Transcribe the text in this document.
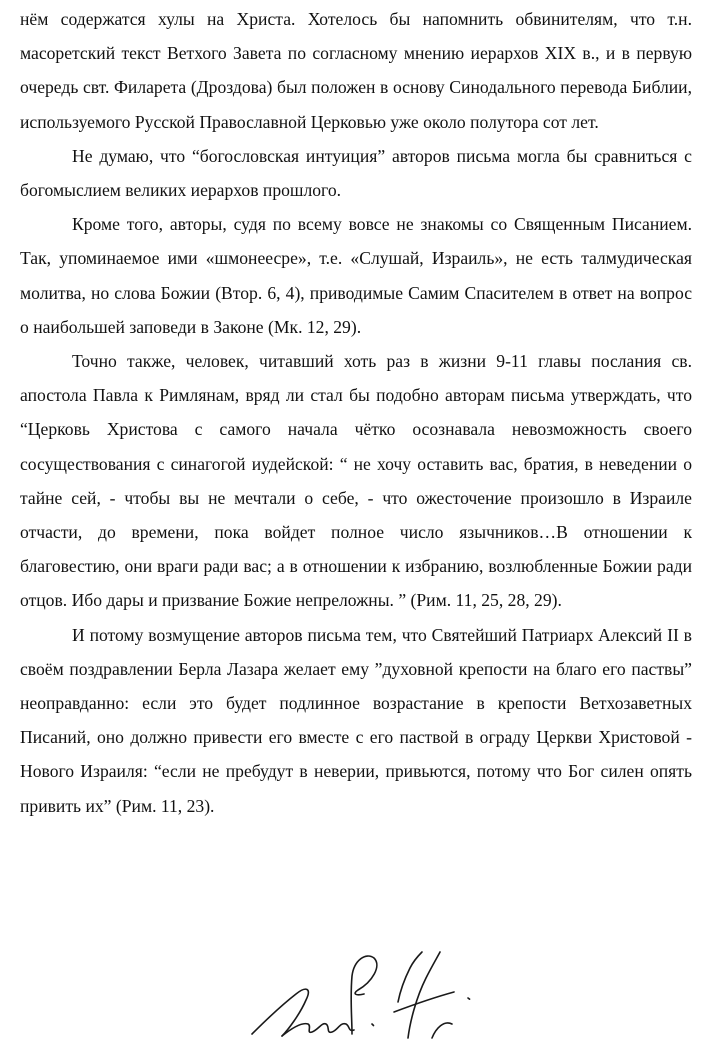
нём содержатся хулы на Христа. Хотелось бы напомнить обвинителям, что т.н. масоретский текст Ветхого Завета по согласному мнению иерархов XIX в., и в первую очередь свт. Филарета (Дроздова) был положен в основу Синодального перевода Библии, используемого Русской Православной Церковью уже около полутора сот лет.

Не думаю, что “богословская интуиция” авторов письма могла бы сравниться с богомыслием великих иерархов прошлого.

Кроме того, авторы, судя по всему вовсе не знакомы со Священным Писанием. Так, упоминаемое ими «шмонеесре», т.е. «Слушай, Израиль», не есть талмудическая молитва, но слова Божии (Втор. 6, 4), приводимые Самим Спасителем в ответ на вопрос о наибольшей заповеди в Законе (Мк. 12, 29).

Точно также, человек, читавший хоть раз в жизни 9-11 главы послания св. апостола Павла к Римлянам, вряд ли стал бы подобно авторам письма утверждать, что “Церковь Христова с самого начала чётко осознавала невозможность своего сосуществования с синагогой иудейской: “ не хочу оставить вас, братия, в неведении о тайне сей, - чтобы вы не мечтали о себе, - что ожесточение произошло в Израиле отчасти, до времени, пока войдет полное число язычников…В отношении к благовестию, они враги ради вас; а в отношении к избранию, возлюбленные Божии ради отцов. Ибо дары и призвание Божие непреложны. ” (Рим. 11, 25, 28, 29).

И потому возмущение авторов письма тем, что Святейший Патриарх Алексий II в своём поздравлении Берла Лазара желает ему ”духовной крепости на благо его паствы” неоправданно: если это будет подлинное возрастание в крепости Ветхозаветных Писаний, оно должно привести его вместе с его паствой в ограду Церкви Христовой - Нового Израиля: “если не пребудут в неверии, привьются, потому что Бог силен опять привить их” (Рим. 11, 23).
